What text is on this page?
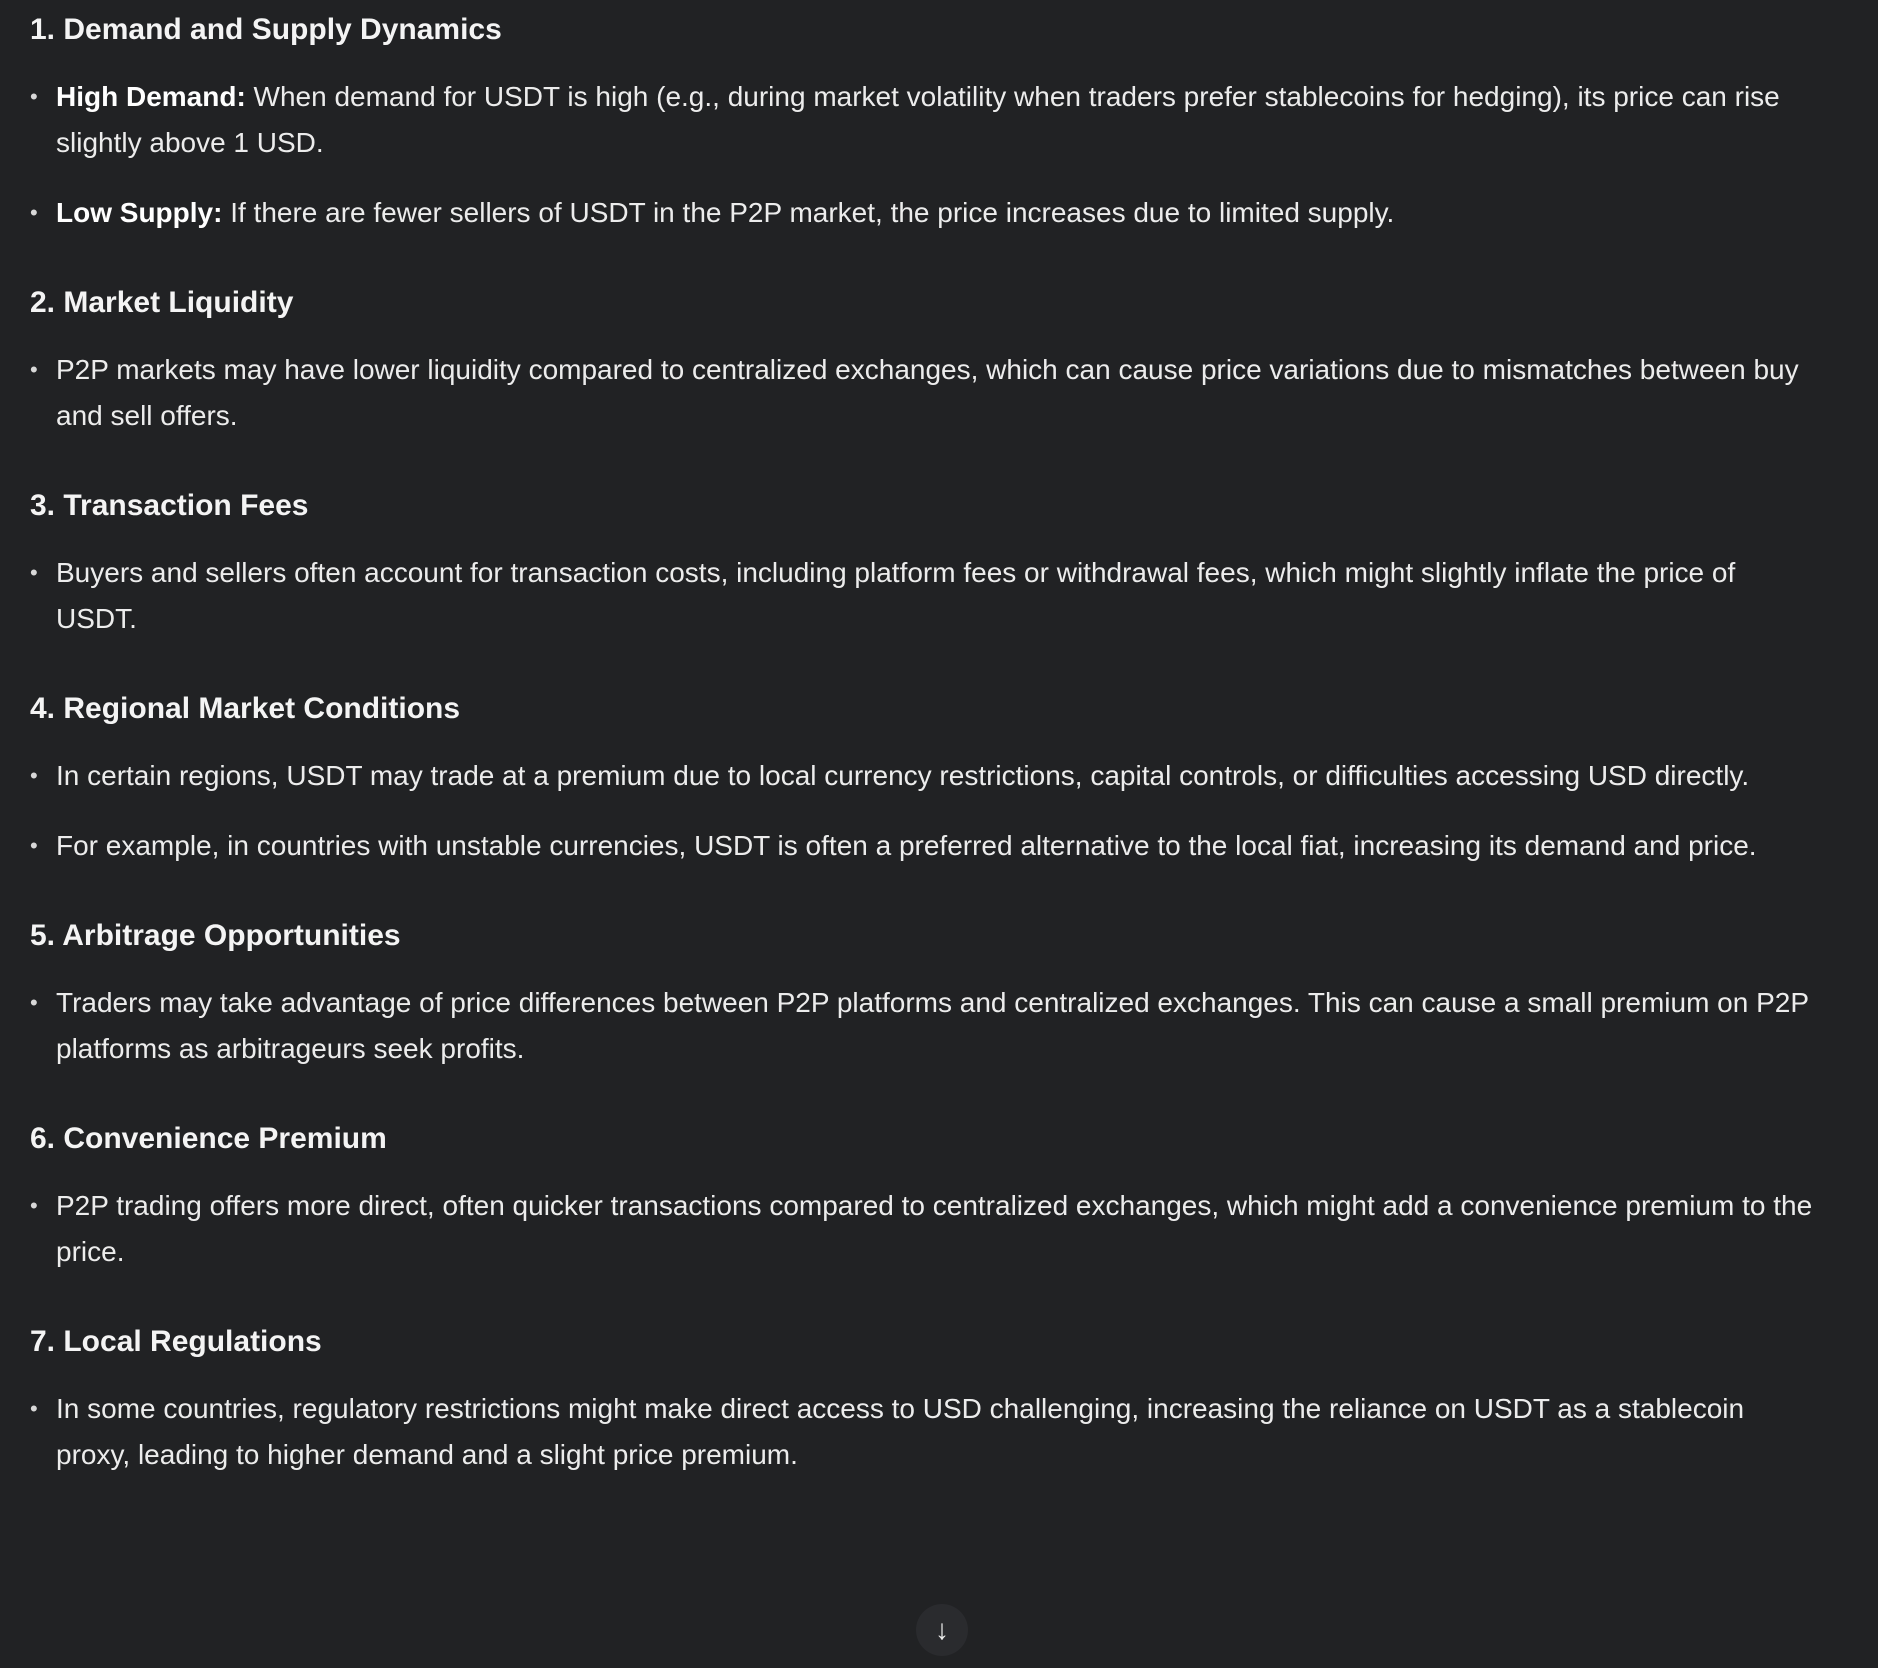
1. Demand and Supply Dynamics
• High Demand: When demand for USDT is high (e.g., during market volatility when traders prefer stablecoins for hedging), its price can rise slightly above 1 USD.
• Low Supply: If there are fewer sellers of USDT in the P2P market, the price increases due to limited supply.
2. Market Liquidity
• P2P markets may have lower liquidity compared to centralized exchanges, which can cause price variations due to mismatches between buy and sell offers.
3. Transaction Fees
• Buyers and sellers often account for transaction costs, including platform fees or withdrawal fees, which might slightly inflate the price of USDT.
4. Regional Market Conditions
• In certain regions, USDT may trade at a premium due to local currency restrictions, capital controls, or difficulties accessing USD directly.
• For example, in countries with unstable currencies, USDT is often a preferred alternative to the local fiat, increasing its demand and price.
5. Arbitrage Opportunities
• Traders may take advantage of price differences between P2P platforms and centralized exchanges. This can cause a small premium on P2P platforms as arbitrageurs seek profits.
6. Convenience Premium
• P2P trading offers more direct, often quicker transactions compared to centralized exchanges, which might add a convenience premium to the price.
7. Local Regulations
• In some countries, regulatory restrictions might make direct access to USD challenging, increasing the reliance on USDT as a stablecoin proxy, leading to higher demand and a slight price premium.
↓
